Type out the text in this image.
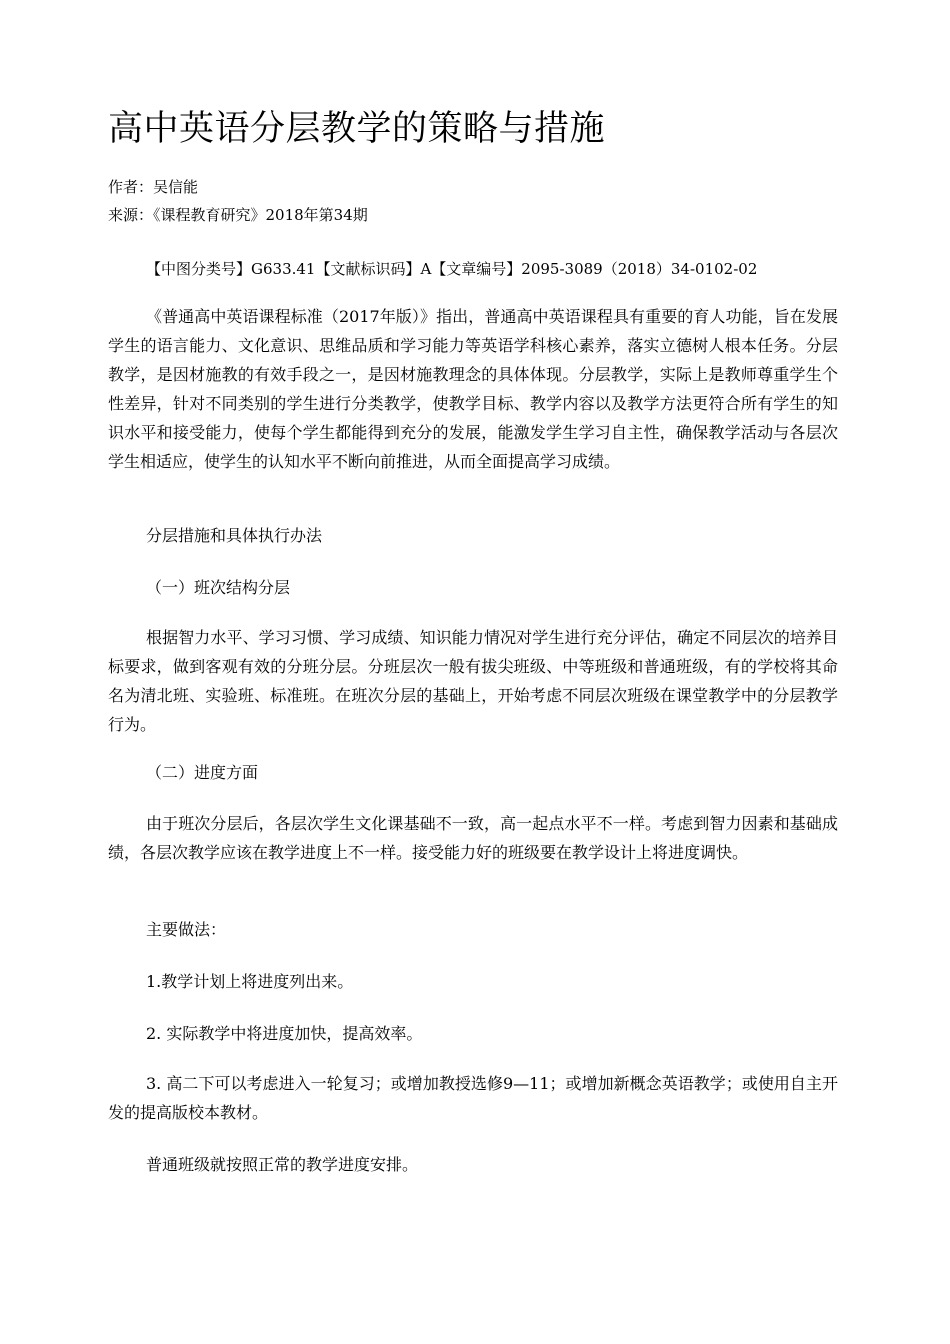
高中英语分层教学的策略与措施
作者：吴信能
来源：《课程教育研究》2018年第34期

【中图分类号】G633.41【文献标识码】A【文章编号】2095-3089（2018）34-0102-02

《普通高中英语课程标准（2017年版）》指出，普通高中英语课程具有重要的育人功能，旨在发展学生的语言能力、文化意识、思维品质和学习能力等英语学科核心素养，落实立德树人根本任务。分层教学，是因材施教的有效手段之一，是因材施教理念的具体体现。分层教学，实际上是教师尊重学生个性差异，针对不同类别的学生进行分类教学，使教学目标、教学内容以及教学方法更符合所有学生的知识水平和接受能力，使每个学生都能得到充分的发展，能激发学生学习自主性，确保教学活动与各层次学生相适应，使学生的认知水平不断向前推进，从而全面提高学习成绩。

分层措施和具体执行办法

（一）班次结构分层

根据智力水平、学习习惯、学习成绩、知识能力情况对学生进行充分评估，确定不同层次的培养目标要求，做到客观有效的分班分层。分班层次一般有拔尖班级、中等班级和普通班级，有的学校将其命名为清北班、实验班、标准班。在班次分层的基础上，开始考虑不同层次班级在课堂教学中的分层教学行为。

（二）进度方面

由于班次分层后，各层次学生文化课基础不一致，高一起点水平不一样。考虑到智力因素和基础成绩，各层次教学应该在教学进度上不一样。接受能力好的班级要在教学设计上将进度调快。

主要做法：

1.教学计划上将进度列出来。

2. 实际教学中将进度加快，提高效率。

3. 高二下可以考虑进入一轮复习；或增加教授选修9—11；或增加新概念英语教学；或使用自主开发的提高版校本教材。

普通班级就按照正常的教学进度安排。
